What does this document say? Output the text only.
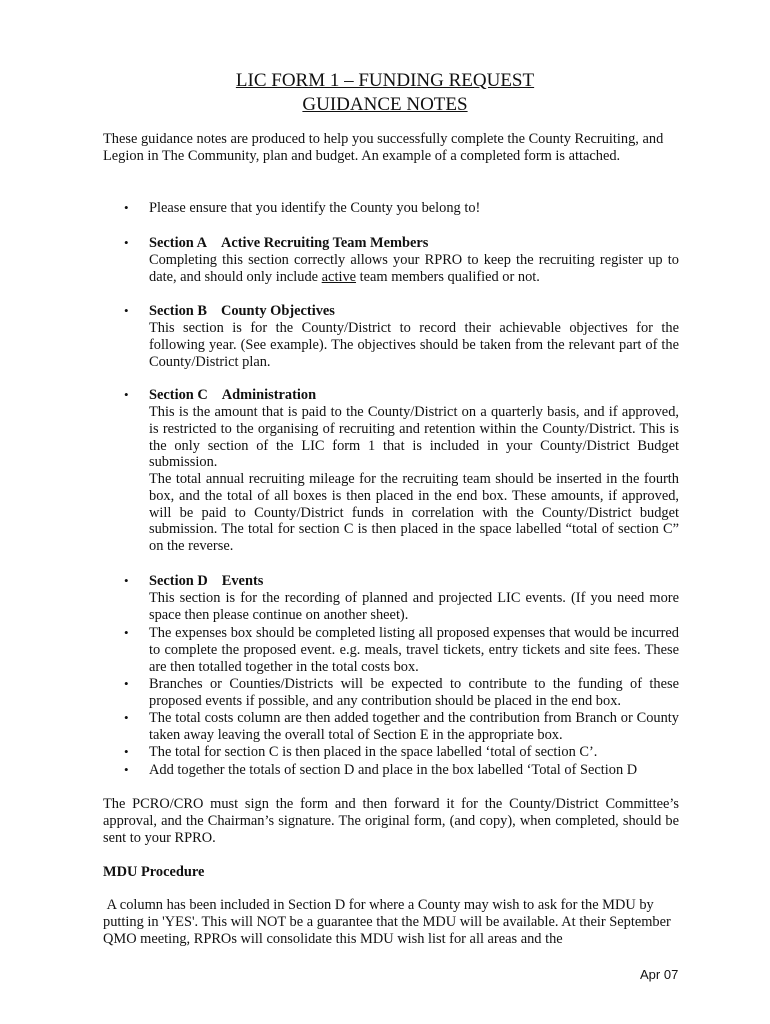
LIC FORM 1 – FUNDING REQUEST
GUIDANCE NOTES
These guidance notes are produced to help you successfully complete the County Recruiting, and Legion in The Community, plan and budget. An example of a completed form is attached.
• Please ensure that you identify the County you belong to!
• Section A Active Recruiting Team Members
Completing this section correctly allows your RPRO to keep the recruiting register up to date, and should only include active team members qualified or not.
• Section B County Objectives
This section is for the County/District to record their achievable objectives for the following year. (See example). The objectives should be taken from the relevant part of the County/District plan.
• Section C Administration
This is the amount that is paid to the County/District on a quarterly basis, and if approved, is restricted to the organising of recruiting and retention within the County/District. This is the only section of the LIC form 1 that is included in your County/District Budget submission.
The total annual recruiting mileage for the recruiting team should be inserted in the fourth box, and the total of all boxes is then placed in the end box. These amounts, if approved, will be paid to County/District funds in correlation with the County/District budget submission. The total for section C is then placed in the space labelled “total of section C” on the reverse.
• Section D Events
This section is for the recording of planned and projected LIC events. (If you need more space then please continue on another sheet).
• The expenses box should be completed listing all proposed expenses that would be incurred to complete the proposed event. e.g. meals, travel tickets, entry tickets and site fees. These are then totalled together in the total costs box.
• Branches or Counties/Districts will be expected to contribute to the funding of these proposed events if possible, and any contribution should be placed in the end box.
• The total costs column are then added together and the contribution from Branch or County taken away leaving the overall total of Section E in the appropriate box.
• The total for section C is then placed in the space labelled ‘total of section C’.
• Add together the totals of section D and place in the box labelled ‘Total of Section D
The PCRO/CRO must sign the form and then forward it for the County/District Committee’s approval, and the Chairman’s signature. The original form, (and copy), when completed, should be sent to your RPRO.
MDU Procedure
A column has been included in Section D for where a County may wish to ask for the MDU by putting in 'YES'. This will NOT be a guarantee that the MDU will be available. At their September QMO meeting, RPROs will consolidate this MDU wish list for all areas and the
Apr 07
